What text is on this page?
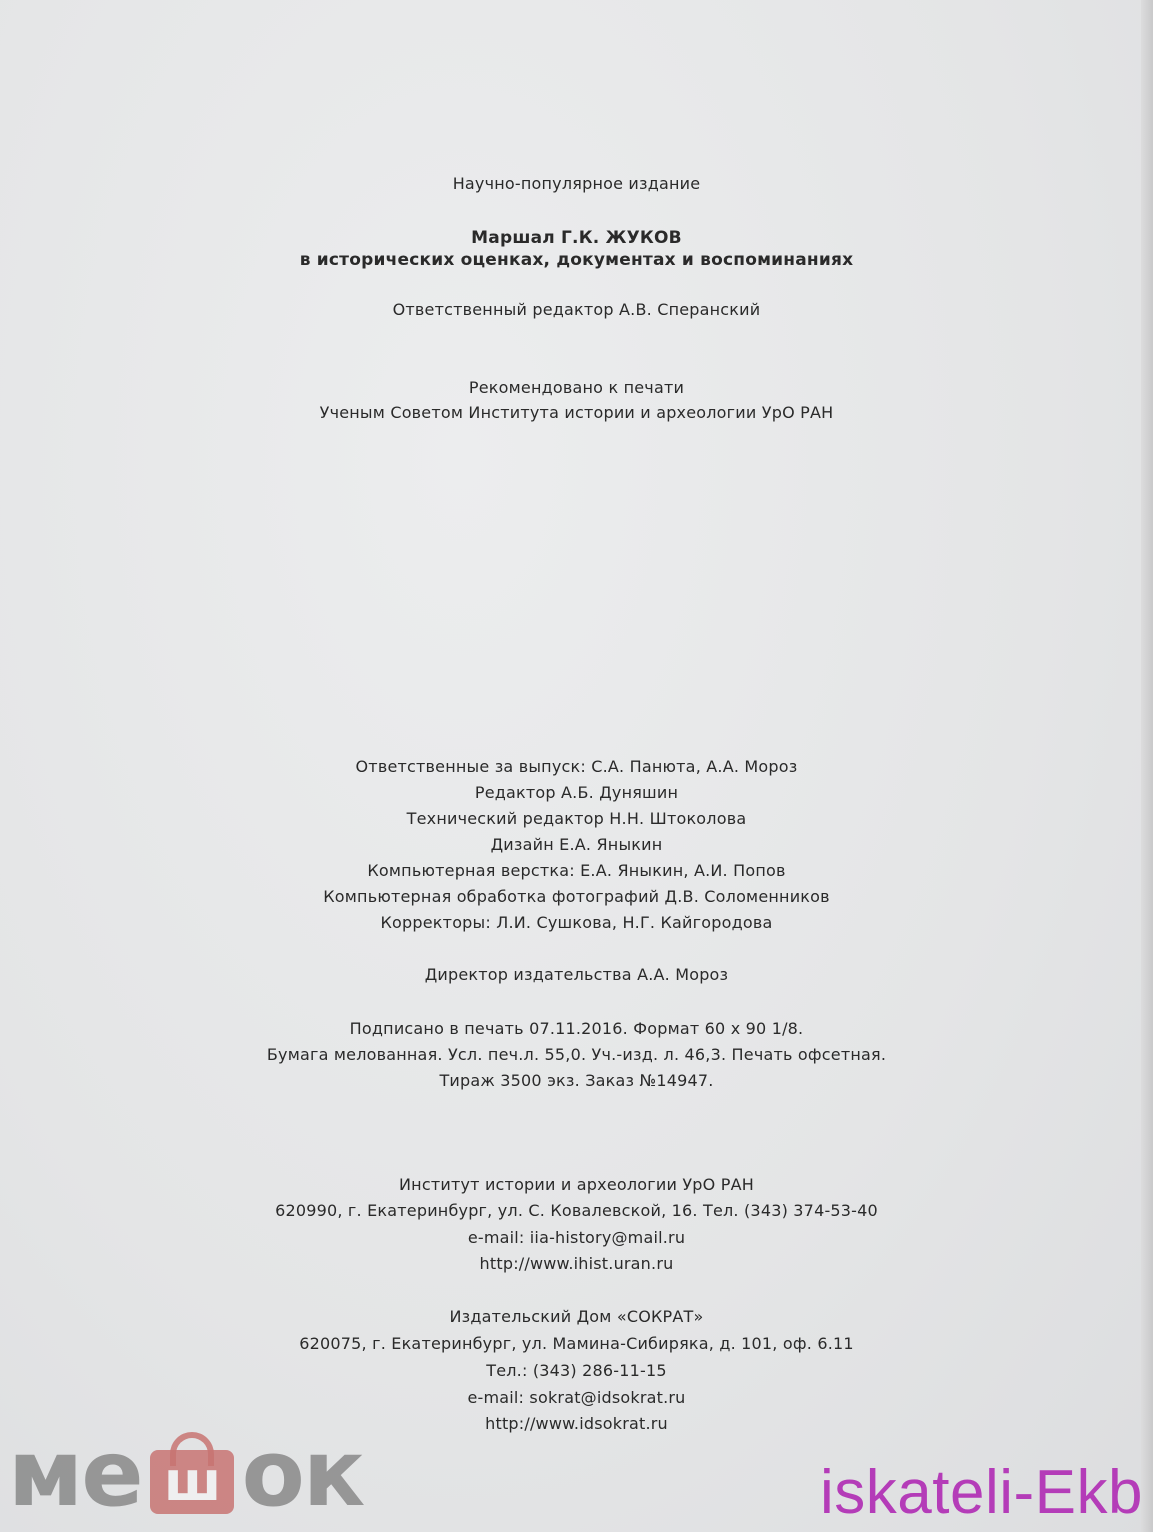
Научно-популярное издание
Маршал Г.К. ЖУКОВ
в исторических оценках, документах и воспоминаниях
Ответственный редактор А.В. Сперанский
Рекомендовано к печати
Ученым Советом Института истории и археологии УрО РАН
Ответственные за выпуск: С.А. Панюта, А.А. Мороз
Редактор А.Б. Дуняшин
Технический редактор Н.Н. Штоколова
Дизайн Е.А. Яныкин
Компьютерная верстка: Е.А. Яныкин, А.И. Попов
Компьютерная обработка фотографий Д.В. Соломенников
Корректоры: Л.И. Сушкова, Н.Г. Кайгородова
Директор издательства А.А. Мороз
Подписано в печать 07.11.2016. Формат 60 x 90 1/8.
Бумага мелованная. Усл. печ.л. 55,0. Уч.-изд. л. 46,3. Печать офсетная.
Тираж 3500 экз. Заказ №14947.
Институт истории и археологии УрО РАН
620990, г. Екатеринбург, ул. С. Ковалевской, 16. Тел. (343) 374-53-40
e-mail: iia-history@mail.ru
http://www.ihist.uran.ru
Издательский Дом «СОКРАТ»
620075, г. Екатеринбург, ул. Мамина-Сибиряка, д. 101, оф. 6.11
Тел.: (343) 286-11-15
e-mail: sokrat@idsokrat.ru
http://www.idsokrat.ru
ме ш ок	iskateli-Ekb
